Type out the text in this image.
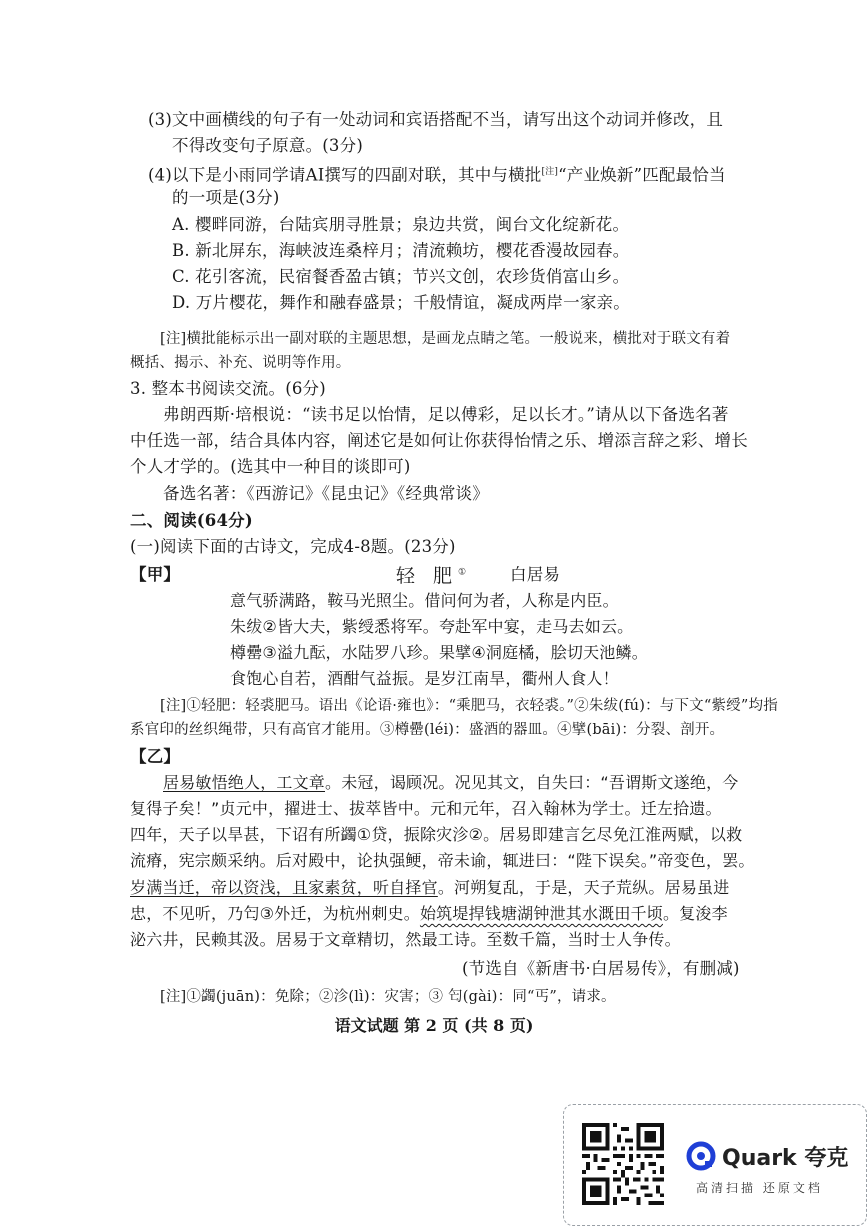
(3)文中画横线的句子有一处动词和宾语搭配不当，请写出这个动词并修改，且
不得改变句子原意。(3分)
(4)以下是小雨同学请AI撰写的四副对联，其中与横批[注]“产业焕新”匹配最恰当
的一项是(3分)
A. 樱畔同游，台陆宾朋寻胜景；泉边共赏，闽台文化绽新花。
B. 新北屏东，海峡波连桑梓月；清流赖坊，樱花香漫故园春。
C. 花引客流，民宿餐香盈古镇；节兴文创，农珍货俏富山乡。
D. 万片樱花，舞作和融春盛景；千般情谊，凝成两岸一家亲。
[注]横批能标示出一副对联的主题思想，是画龙点睛之笔。一般说来，横批对于联文有着
概括、揭示、补充、说明等作用。
3. 整本书阅读交流。(6分)
弗朗西斯·培根说：“读书足以怡情，足以傅彩，足以长才。”请从以下备选名著
中任选一部，结合具体内容，阐述它是如何让你获得怡情之乐、增添言辞之彩、增长
个人才学的。(选其中一种目的谈即可)
备选名著：《西游记》《昆虫记》《经典常谈》
二、阅读(64分)
(一)阅读下面的古诗文，完成4-8题。(23分)
【甲】	轻 肥①	白居易
意气骄满路，鞍马光照尘。借问何为者，人称是内臣。
朱绂②皆大夫，紫绶悉将军。夸赴军中宴，走马去如云。
樽罍③溢九酝，水陆罗八珍。果擘④洞庭橘，脍切天池鳞。
食饱心自若，酒酣气益振。是岁江南旱，衢州人食人！
[注]①轻肥：轻裘肥马。语出《论语·雍也》：“乘肥马，衣轻裘。”②朱绂(fú)：与下文“紫绶”均指
系官印的丝织绳带，只有高官才能用。③樽罍(léi)：盛酒的器皿。④擘(bāi)：分裂、剖开。
【乙】
居易敏悟绝人，工文章。未冠，谒顾况。况见其文，自失曰：“吾谓斯文遂绝，今
复得子矣！”贞元中，擢进士、拔萃皆中。元和元年，召入翰林为学士。迁左拾遗。
四年，天子以旱甚，下诏有所蠲①贷，振除灾沴②。居易即建言乞尽免江淮两赋，以救
流瘠，宪宗颇采纳。后对殿中，论执强鲠，帝未谕，辄进曰：“陛下误矣。”帝变色，罢。
岁满当迁，帝以资浅，且家素贫，听自择官。河朔复乱，于是，天子荒纵。居易虽进
忠，不见听，乃匄③外迁，为杭州刺史。始筑堤捍钱塘湖钟泄其水溉田千顷。复浚李
泌六井，民赖其汲。居易于文章精切，然最工诗。至数千篇，当时士人争传。
(节选自《新唐书·白居易传》，有删减)
[注]①蠲(juān)：免除；②沴(lì)：灾害；③ 匄(gài)：同“丐”，请求。
语文试题 第 2 页 (共 8 页)
Quark 夸克
高清扫描 还原文档
